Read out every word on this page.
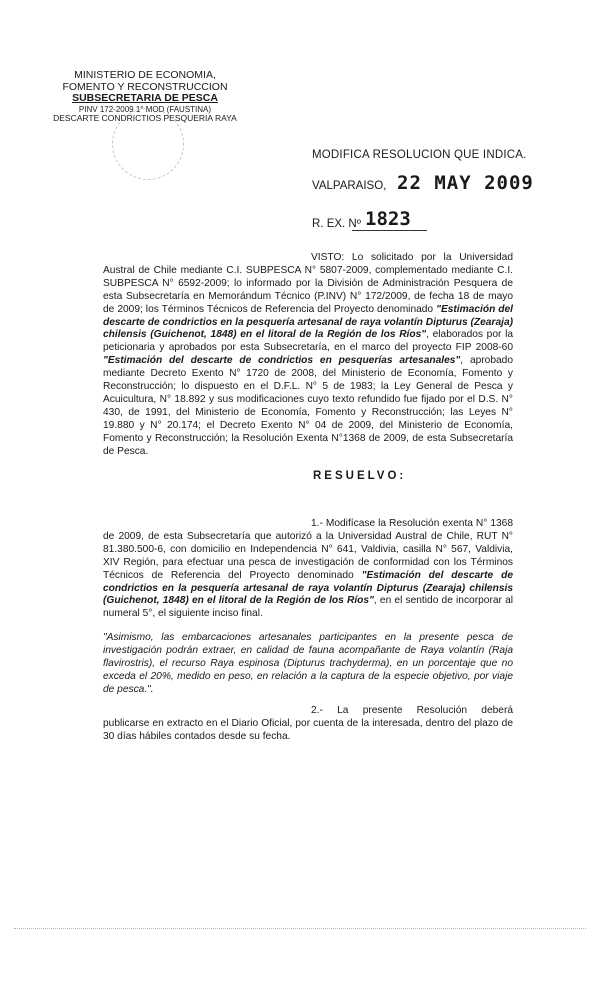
MINISTERIO DE ECONOMIA,
FOMENTO Y RECONSTRUCCION
SUBSECRETARIA DE PESCA
PINV 172-2009 1° MOD (FAUSTINA)
DESCARTE CONDRICTIOS PESQUERIA RAYA
MODIFICA RESOLUCION QUE INDICA.
VALPARAISO, 22 MAY 2009
R. EX. Nº 1823
VISTO: Lo solicitado por la Universidad Austral de Chile mediante C.I. SUBPESCA N° 5807-2009, complementado mediante C.I. SUBPESCA N° 6592-2009; lo informado por la División de Administración Pesquera de esta Subsecretaría en Memorándum Técnico (P.INV) N° 172/2009, de fecha 18 de mayo de 2009; los Términos Técnicos de Referencia del Proyecto denominado "Estimación del descarte de condrictios en la pesquería artesanal de raya volantín Dipturus (Zearaja) chilensis (Guichenot, 1848) en el litoral de la Región de los Ríos", elaborados por la peticionaria y aprobados por esta Subsecretaría, en el marco del proyecto FIP 2008-60 "Estimación del descarte de condrictios en pesquerías artesanales", aprobado mediante Decreto Exento N° 1720 de 2008, del Ministerio de Economía, Fomento y Reconstrucción; lo dispuesto en el D.F.L. N° 5 de 1983; la Ley General de Pesca y Acuicultura, N° 18.892 y sus modificaciones cuyo texto refundido fue fijado por el D.S. N° 430, de 1991, del Ministerio de Economía, Fomento y Reconstrucción; las Leyes N° 19.880 y N° 20.174; el Decreto Exento N° 04 de 2009, del Ministerio de Economía, Fomento y Reconstrucción; la Resolución Exenta N°1368 de 2009, de esta Subsecretaría de Pesca.
RESUELVO:
1.- Modifícase la Resolución exenta N° 1368 de 2009, de esta Subsecretaría que autorizó a la Universidad Austral de Chile, RUT N° 81.380.500-6, con domicilio en Independencia N° 641, Valdivia, casilla N° 567, Valdivia, XIV Región, para efectuar una pesca de investigación de conformidad con los Términos Técnicos de Referencia del Proyecto denominado "Estimación del descarte de condrictios en la pesquería artesanal de raya volantín Dipturus (Zearaja) chilensis (Guichenot, 1848) en el litoral de la Región de los Ríos", en el sentido de incorporar al numeral 5°, el siguiente inciso final.
"Asimismo, las embarcaciones artesanales participantes en la presente pesca de investigación podrán extraer, en calidad de fauna acompañante de Raya volantín (Raja flavirostris), el recurso Raya espinosa (Dipturus trachyderma), en un porcentaje que no exceda el 20%, medido en peso, en relación a la captura de la especie objetivo, por viaje de pesca.".
2.- La presente Resolución deberá publicarse en extracto en el Diario Oficial, por cuenta de la interesada, dentro del plazo de 30 días hábiles contados desde su fecha.
